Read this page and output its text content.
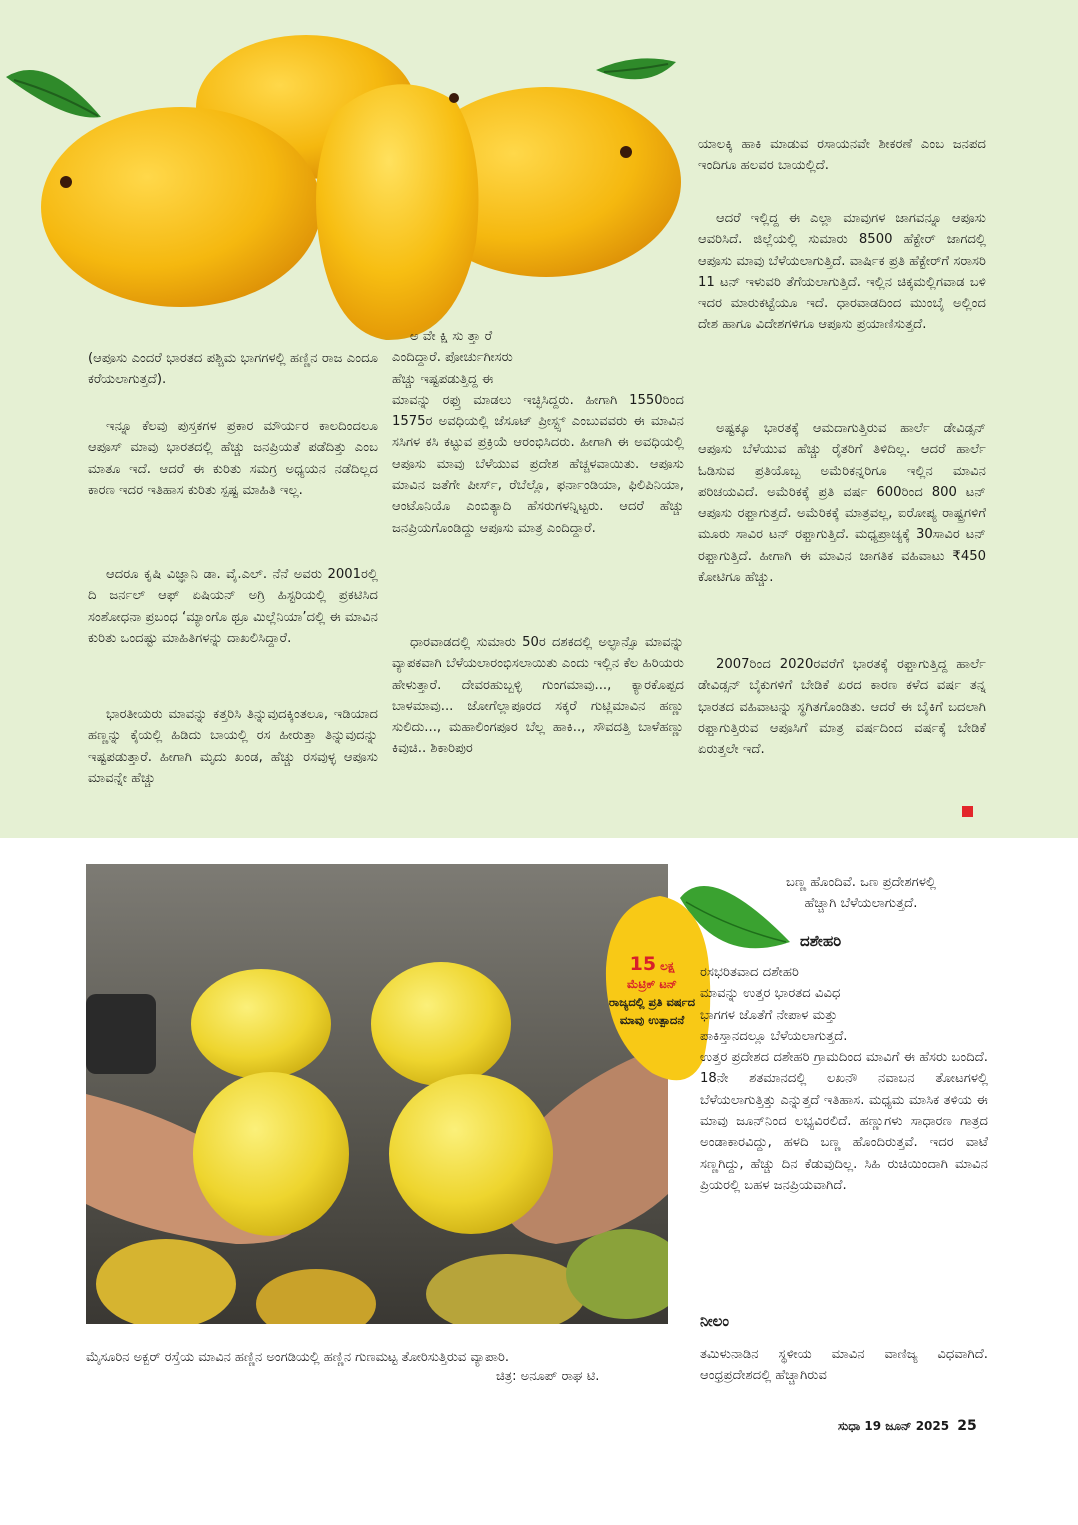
(ಆಪೂಸು ಎಂದರೆ ಭಾರತದ ಪಶ್ಚಿಮ ಭಾಗಗಳಲ್ಲಿ ಹಣ್ಣಿನ ರಾಜ ಎಂದೂ ಕರೆಯಲಾಗುತ್ತದೆ).

ಇನ್ನೂ ಕೆಲವು ಪುಸ್ತಕಗಳ ಪ್ರಕಾರ ಮೌರ್ಯರ ಕಾಲದಿಂದಲೂ ಆಪೂಸ್ ಮಾವು ಭಾರತದಲ್ಲಿ ಹೆಚ್ಚು ಜನಪ್ರಿಯತೆ ಪಡೆದಿತ್ತು ಎಂಬ ಮಾತೂ ಇದೆ. ಆದರೆ ಈ ಕುರಿತು ಸಮಗ್ರ ಅಧ್ಯಯನ ನಡೆದಿಲ್ಲದ ಕಾರಣ ಇದರ ಇತಿಹಾಸ ಕುರಿತು ಸ್ಪಷ್ಟ ಮಾಹಿತಿ ಇಲ್ಲ.

ಆದರೂ ಕೃಷಿ ವಿಜ್ಞಾನಿ ಡಾ. ವೈ.ಎಲ್. ನೆನೆ ಅವರು 2001ರಲ್ಲಿ ದಿ ಜರ್ನಲ್ ಆಫ್ ಏಷಿಯನ್ ಅಗ್ರಿ ಹಿಸ್ಟರಿಯಲ್ಲಿ ಪ್ರಕಟಿಸಿದ ಸಂಶೋಧನಾ ಪ್ರಬಂಧ ‘ಮ್ಯಾಂಗೊ ಥ್ರೂ ಮಿಲ್ಲೆನಿಯಾ’ದಲ್ಲಿ ಈ ಮಾವಿನ ಕುರಿತು ಒಂದಷ್ಟು ಮಾಹಿತಿಗಳನ್ನು ದಾಖಲಿಸಿದ್ದಾರೆ.

ಭಾರತೀಯರು ಮಾವನ್ನು ಕತ್ತರಿಸಿ ತಿನ್ನುವುದಕ್ಕಿಂತಲೂ, ಇಡಿಯಾದ ಹಣ್ಣನ್ನು ಕೈಯಲ್ಲಿ ಹಿಡಿದು ಬಾಯಲ್ಲಿ ರಸ ಹೀರುತ್ತಾ ತಿನ್ನುವುದನ್ನು ಇಷ್ಟಪಡುತ್ತಾರೆ. ಹೀಗಾಗಿ ಮೃದು ಖಂಡ, ಹೆಚ್ಚು ರಸವುಳ್ಳ ಆಪೂಸು ಮಾವನ್ನೇ ಹೆಚ್ಚು

ಅ ವೇ ಕ್ಷಿ ಸು ತ್ತಾ ರೆ
ಎಂದಿದ್ದಾರೆ. ಪೋರ್ಚುಗೀಸರು
ಹೆಚ್ಚು ಇಷ್ಟಪಡುತ್ತಿದ್ದ ಈ
ಮಾವನ್ನು ರಫ್ತು ಮಾಡಲು ಇಚ್ಛಿಸಿದ್ದರು. ಹೀಗಾಗಿ 1550ರಿಂದ 1575ರ ಅವಧಿಯಲ್ಲಿ ಜೆಸೂಟ್ ಪ್ರೀಸ್ಟ್ಸ್ ಎಂಬುವವರು ಈ ಮಾವಿನ ಸಸಿಗಳ ಕಸಿ ಕಟ್ಟುವ ಪ್ರಕ್ರಿಯೆ ಆರಂಭಿಸಿದರು. ಹೀಗಾಗಿ ಈ ಅವಧಿಯಲ್ಲಿ ಆಪೂಸು ಮಾವು ಬೆಳೆಯುವ ಪ್ರದೇಶ ಹೆಚ್ಚಳವಾಯಿತು. ಆಪೂಸು ಮಾವಿನ ಜತೆಗೇ ಪೀರ್ಸ್, ರೆಬೆಲ್ಲೊ, ಫರ್ನಾಂಡಿಯಾ, ಫಿಲಿಪಿನಿಯಾ, ಆಂಟೊನಿಯೊ ಎಂಬಿತ್ಯಾದಿ ಹೆಸರುಗಳನ್ನಿಟ್ಟರು. ಆದರೆ ಹೆಚ್ಚು ಜನಪ್ರಿಯಗೊಂಡಿದ್ದು ಆಪೂಸು ಮಾತ್ರ ಎಂದಿದ್ದಾರೆ.

ಧಾರವಾಡದಲ್ಲಿ ಸುಮಾರು 50ರ ದಶಕದಲ್ಲಿ ಅಲ್ಫಾನ್ಸೊ ಮಾವನ್ನು ವ್ಯಾಪಕವಾಗಿ ಬೆಳೆಯಲಾರಂಭಿಸಲಾಯಿತು ಎಂದು ಇಲ್ಲಿನ ಕೆಲ ಹಿರಿಯರು ಹೇಳುತ್ತಾರೆ. ದೇವರಹುಬ್ಬಳ್ಳಿ ಗುಂಗಮಾವು..., ಕ್ಯಾರಕೊಪ್ಪದ ಬಾಳಮಾವು... ಜೋಗೆಲ್ಲಾಪೂರದ ಸಕ್ಕರೆ ಗುಟ್ಲಿಮಾವಿನ ಹಣ್ಣು ಸುಲಿದು..., ಮಹಾಲಿಂಗಪೂರ ಬೆಲ್ಲ ಹಾಕಿ.., ಸೌವದತ್ತಿ ಬಾಳೆಹಣ್ಣು ಕಿವುಚಿ.. ಶಿಕಾರಿಪುರ

ಯಾಲಕ್ಕಿ ಹಾಕಿ ಮಾಡುವ ರಸಾಯನವೇ ಶೀಕರಣೆ ಎಂಬ ಜನಪದ ಇಂದಿಗೂ ಹಲವರ ಬಾಯಲ್ಲಿದೆ.

ಆದರೆ ಇಲ್ಲಿದ್ದ ಈ ಎಲ್ಲಾ ಮಾವುಗಳ ಜಾಗವನ್ನೂ ಆಪೂಸು ಆವರಿಸಿದೆ. ಜಿಲ್ಲೆಯಲ್ಲಿ ಸುಮಾರು 8500 ಹೆಕ್ಟೇರ್ ಜಾಗದಲ್ಲಿ ಆಪೂಸು ಮಾವು ಬೆಳೆಯಲಾಗುತ್ತಿದೆ. ವಾರ್ಷಿಕ ಪ್ರತಿ ಹೆಕ್ಟೇರ್‌ಗೆ ಸರಾಸರಿ 11 ಟನ್ ಇಳುವರಿ ತೆಗೆಯಲಾಗುತ್ತಿದೆ. ಇಲ್ಲಿನ ಚಿಕ್ಕಮಲ್ಲಿಗವಾಡ ಬಳಿ ಇದರ ಮಾರುಕಟ್ಟೆಯೂ ಇದೆ. ಧಾರವಾಡದಿಂದ ಮುಂಬೈ ಅಲ್ಲಿಂದ ದೇಶ ಹಾಗೂ ವಿದೇಶಗಳಿಗೂ ಆಪೂಸು ಪ್ರಯಾಣಿಸುತ್ತದೆ.

ಅಷ್ಟಕ್ಕೂ ಭಾರತಕ್ಕೆ ಆಮದಾಗುತ್ತಿರುವ ಹಾರ್ಲೆ ಡೇವಿಡ್ಸನ್ ಆಪೂಸು ಬೆಳೆಯುವ ಹೆಚ್ಚು ರೈತರಿಗೆ ತಿಳಿದಿಲ್ಲ. ಆದರೆ ಹಾರ್ಲೆ ಓಡಿಸುವ ಪ್ರತಿಯೊಬ್ಬ ಅಮೆರಿಕನ್ನರಿಗೂ ಇಲ್ಲಿನ ಮಾವಿನ ಪರಿಚಯವಿದೆ. ಅಮೆರಿಕಕ್ಕೆ ಪ್ರತಿ ವರ್ಷ 600ರಿಂದ 800 ಟನ್ ಆಪೂಸು ರಫ್ತಾಗುತ್ತದೆ. ಅಮೆರಿಕಕ್ಕೆ ಮಾತ್ರವಲ್ಲ, ಐರೋಪ್ಯ ರಾಷ್ಟ್ರಗಳಿಗೆ ಮೂರು ಸಾವಿರ ಟನ್ ರಫ್ತಾಗುತ್ತಿದೆ. ಮಧ್ಯಪ್ರಾಚ್ಯಕ್ಕೆ 30ಸಾವಿರ ಟನ್ ರಫ್ತಾಗುತ್ತಿದೆ. ಹೀಗಾಗಿ ಈ ಮಾವಿನ ಜಾಗತಿಕ ವಹಿವಾಟು ₹450 ಕೋಟಿಗೂ ಹೆಚ್ಚು.

2007ರಿಂದ 2020ರವರೆಗೆ ಭಾರತಕ್ಕೆ ರಫ್ತಾಗುತ್ತಿದ್ದ ಹಾರ್ಲೆ ಡೇವಿಡ್ಸನ್ ಬೈಕುಗಳಿಗೆ ಬೇಡಿಕೆ ಏರದ ಕಾರಣ ಕಳೆದ ವರ್ಷ ತನ್ನ ಭಾರತದ ವಹಿವಾಟನ್ನು ಸ್ಥಗಿತಗೊಂಡಿತು. ಆದರೆ ಈ ಬೈಕಿಗೆ ಬದಲಾಗಿ ರಫ್ತಾಗುತ್ತಿರುವ ಆಪೂಸಿಗೆ ಮಾತ್ರ ವರ್ಷದಿಂದ ವರ್ಷಕ್ಕೆ ಬೇಡಿಕೆ ಏರುತ್ತಲೇ ಇದೆ.

15 ಲಕ್ಷ
ಮೆಟ್ರಿಕ್ ಟನ್
ರಾಜ್ಯದಲ್ಲಿ ಪ್ರತಿ ವರ್ಷದ ಮಾವು ಉತ್ಪಾದನೆ

ಬಣ್ಣ ಹೊಂದಿವೆ. ಒಣ ಪ್ರದೇಶಗಳಲ್ಲಿ
ಹೆಚ್ಚಾಗಿ ಬೆಳೆಯಲಾಗುತ್ತದೆ.

ದಶೇಹರಿ

ರಸಭರಿತವಾದ ದಶೇಹರಿ
ಮಾವನ್ನು ಉತ್ತರ ಭಾರತದ ವಿವಿಧ
ಭಾಗಗಳ ಜೊತೆಗೆ ನೇಪಾಳ ಮತ್ತು
ಪಾಕಿಸ್ತಾನದಲ್ಲೂ ಬೆಳೆಯಲಾಗುತ್ತದೆ.
ಉತ್ತರ ಪ್ರದೇಶದ ದಶೇಹರಿ ಗ್ರಾಮದಿಂದ ಮಾವಿಗೆ ಈ ಹೆಸರು ಬಂದಿದೆ. 18ನೇ ಶತಮಾನದಲ್ಲಿ ಲಖನೌ ನವಾಬನ ತೋಟಗಳಲ್ಲಿ ಬೆಳೆಯಲಾಗುತ್ತಿತ್ತು ಎನ್ನುತ್ತದೆ ಇತಿಹಾಸ. ಮಧ್ಯಮ ಮಾಸಿಕ ತಳಿಯ ಈ ಮಾವು ಜೂನ್‌ನಿಂದ ಲಭ್ಯವಿರಲಿದೆ. ಹಣ್ಣುಗಳು ಸಾಧಾರಣ ಗಾತ್ರದ ಅಂಡಾಕಾರವಿದ್ದು, ಹಳದಿ ಬಣ್ಣ ಹೊಂದಿರುತ್ತವೆ. ಇದರ ವಾಟೆ ಸಣ್ಣಗಿದ್ದು, ಹೆಚ್ಚು ದಿನ ಕೆಡುವುದಿಲ್ಲ. ಸಿಹಿ ರುಚಿಯಿಂದಾಗಿ ಮಾವಿನ ಪ್ರಿಯರಲ್ಲಿ ಬಹಳ ಜನಪ್ರಿಯವಾಗಿದೆ.

ನೀಲಂ

ತಮಿಳುನಾಡಿನ ಸ್ಥಳೀಯ ಮಾವಿನ ವಾಣಿಜ್ಯ ವಿಧವಾಗಿದೆ. ಆಂಧ್ರಪ್ರದೇಶದಲ್ಲಿ ಹೆಚ್ಚಾಗಿರುವ

ಮೈಸೂರಿನ ಅಕ್ಬರ್ ರಸ್ತೆಯ ಮಾವಿನ ಹಣ್ಣಿನ ಅಂಗಡಿಯಲ್ಲಿ ಹಣ್ಣಿನ ಗುಣಮಟ್ಟ ತೋರಿಸುತ್ತಿರುವ ವ್ಯಾಪಾರಿ.

ಚಿತ್ರ: ಅನೂಪ್ ರಾಘ ಟಿ.

ಸುಧಾ 19 ಜೂನ್ 2025 25
